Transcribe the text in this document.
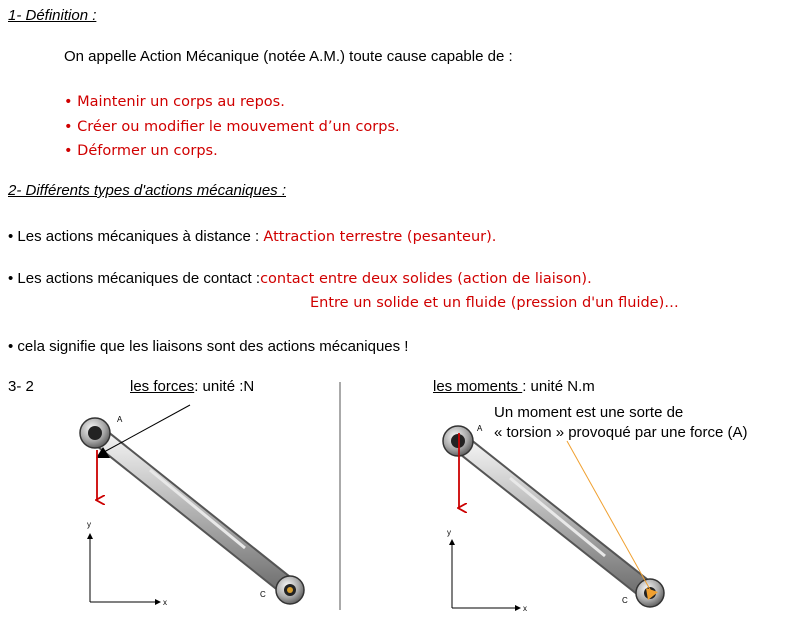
1- Définition :
On appelle Action Mécanique (notée A.M.) toute cause capable de :
• Maintenir un corps au repos.
• Créer ou modifier le mouvement d’un corps.
• Déformer un corps.
2- Différents types d'actions mécaniques :
• Les actions mécaniques à distance : Attraction terrestre (pesanteur).
• Les actions mécaniques de contact :contact entre deux solides (action de liaison).
Entre un solide et un fluide (pression d'un fluide)…
• cela signifie que les liaisons sont des actions mécaniques !
3- 2	les forces: unité :N	les moments : unité N.m
Un moment est une sorte de
« torsion » provoqué par une force (A)
A
C
y
x
A
C
y
x
